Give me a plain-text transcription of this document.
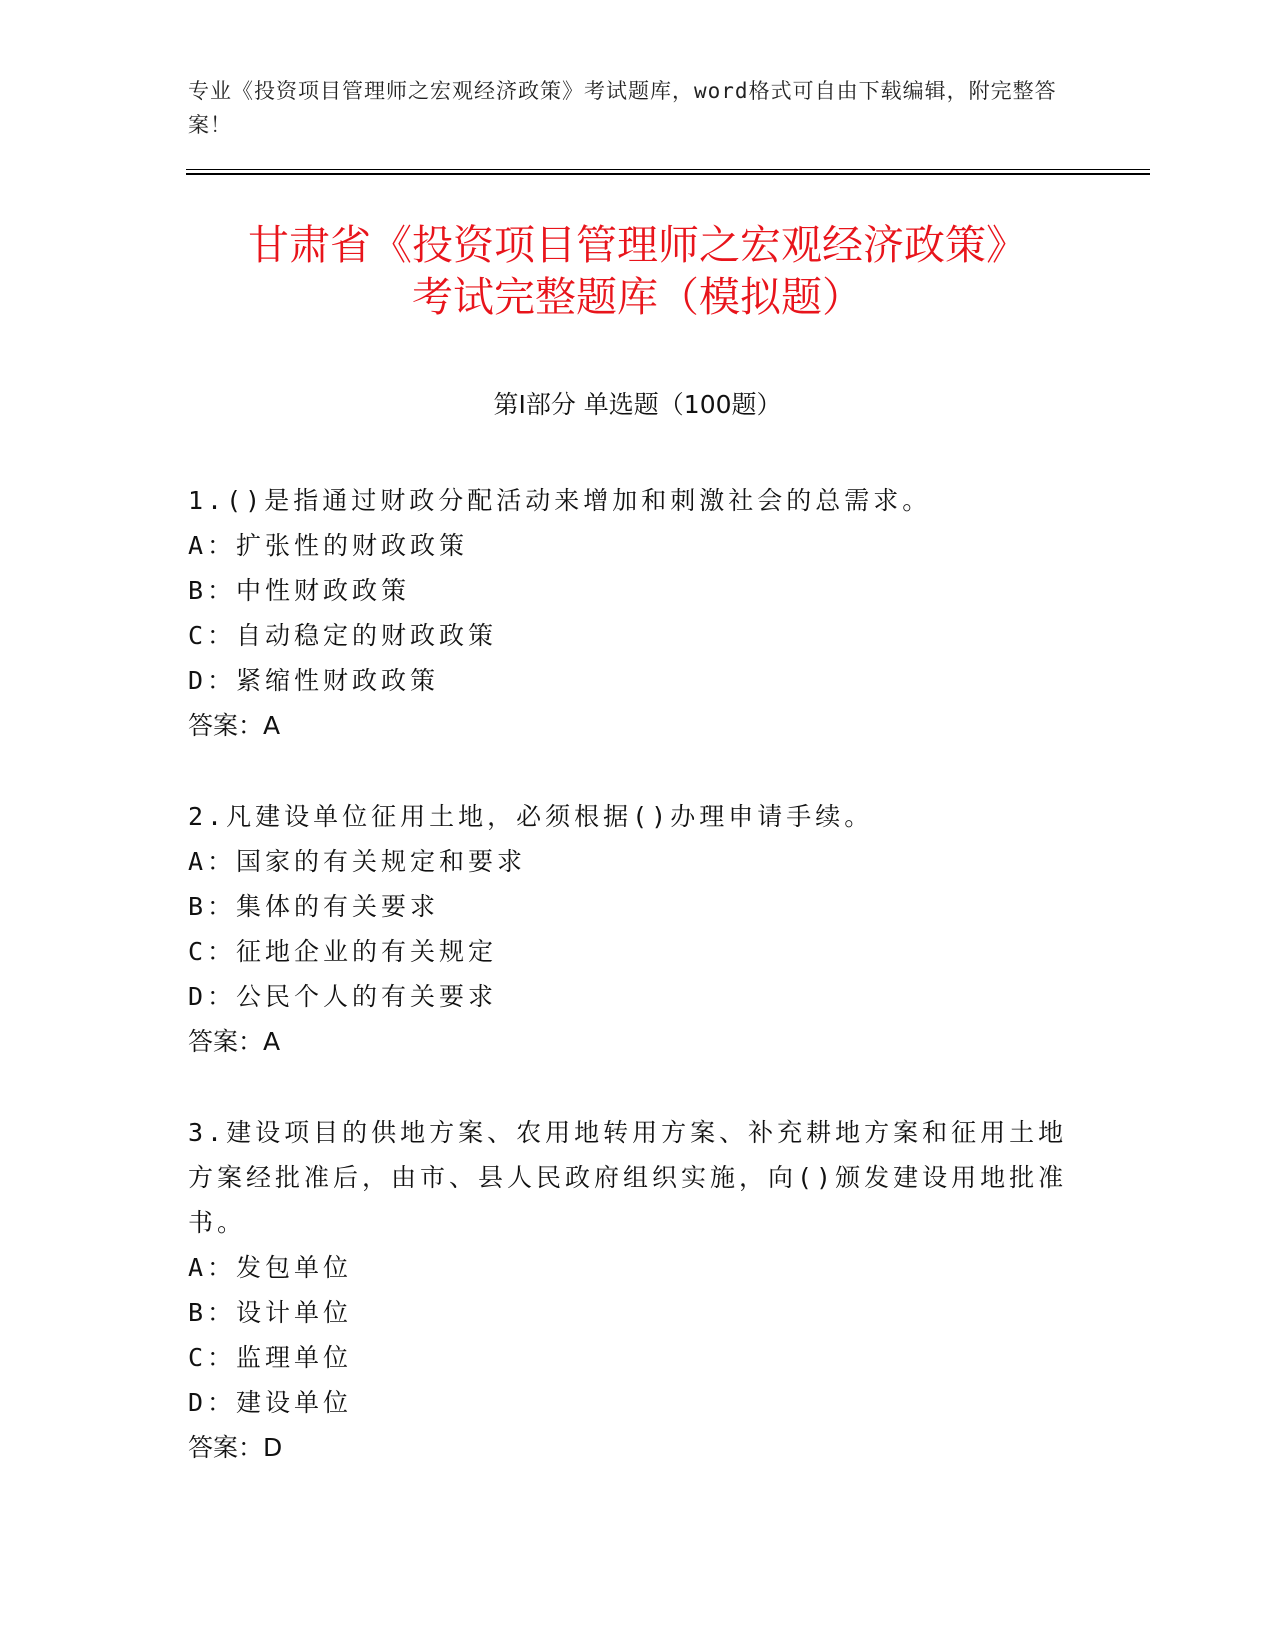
专业《投资项目管理师之宏观经济政策》考试题库，word格式可自由下载编辑，附完整答案！
甘肃省《投资项目管理师之宏观经济政策》
考试完整题库（模拟题）
第Ⅰ部分 单选题（100题）

1.()是指通过财政分配活动来增加和刺激社会的总需求。

A：扩张性的财政政策

B：中性财政政策

C：自动稳定的财政政策

D：紧缩性财政政策

答案：A

2.凡建设单位征用土地，必须根据()办理申请手续。

A：国家的有关规定和要求

B：集体的有关要求

C：征地企业的有关规定

D：公民个人的有关要求

答案：A

3.建设项目的供地方案、农用地转用方案、补充耕地方案和征用土地方案经批准后，由市、县人民政府组织实施，向()颁发建设用地批准书。

A：发包单位

B：设计单位

C：监理单位

D：建设单位

答案：D
